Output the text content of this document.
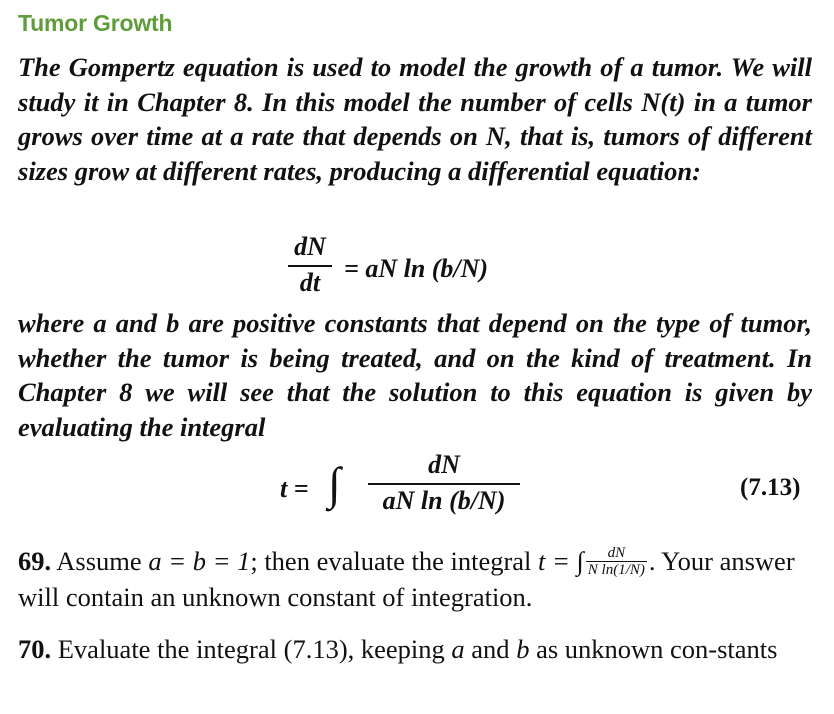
Tumor Growth

The Gompertz equation is used to model the growth of a tumor. We will study it in Chapter 8. In this model the number of cells N(t) in a tumor grows over time at a rate that depends on N, that is, tumors of different sizes grow at different rates, producing a differential equation:

dN
dt = aN ln (b/N)

where a and b are positive constants that depend on the type of tumor, whether the tumor is being treated, and on the kind of treatment. In Chapter 8 we will see that the solution to this equation is given by evaluating the integral

t = ∫	dN
aN ln (b/N)	(7.13)

69. Assume a = b = 1; then evaluate the integral t = ∫ $\frac{dN}{\text{N ln(1/N)}}$ . Your answer will contain an unknown constant of integration.

70. Evaluate the integral (7.13), keeping a and b as unknown con-stants
